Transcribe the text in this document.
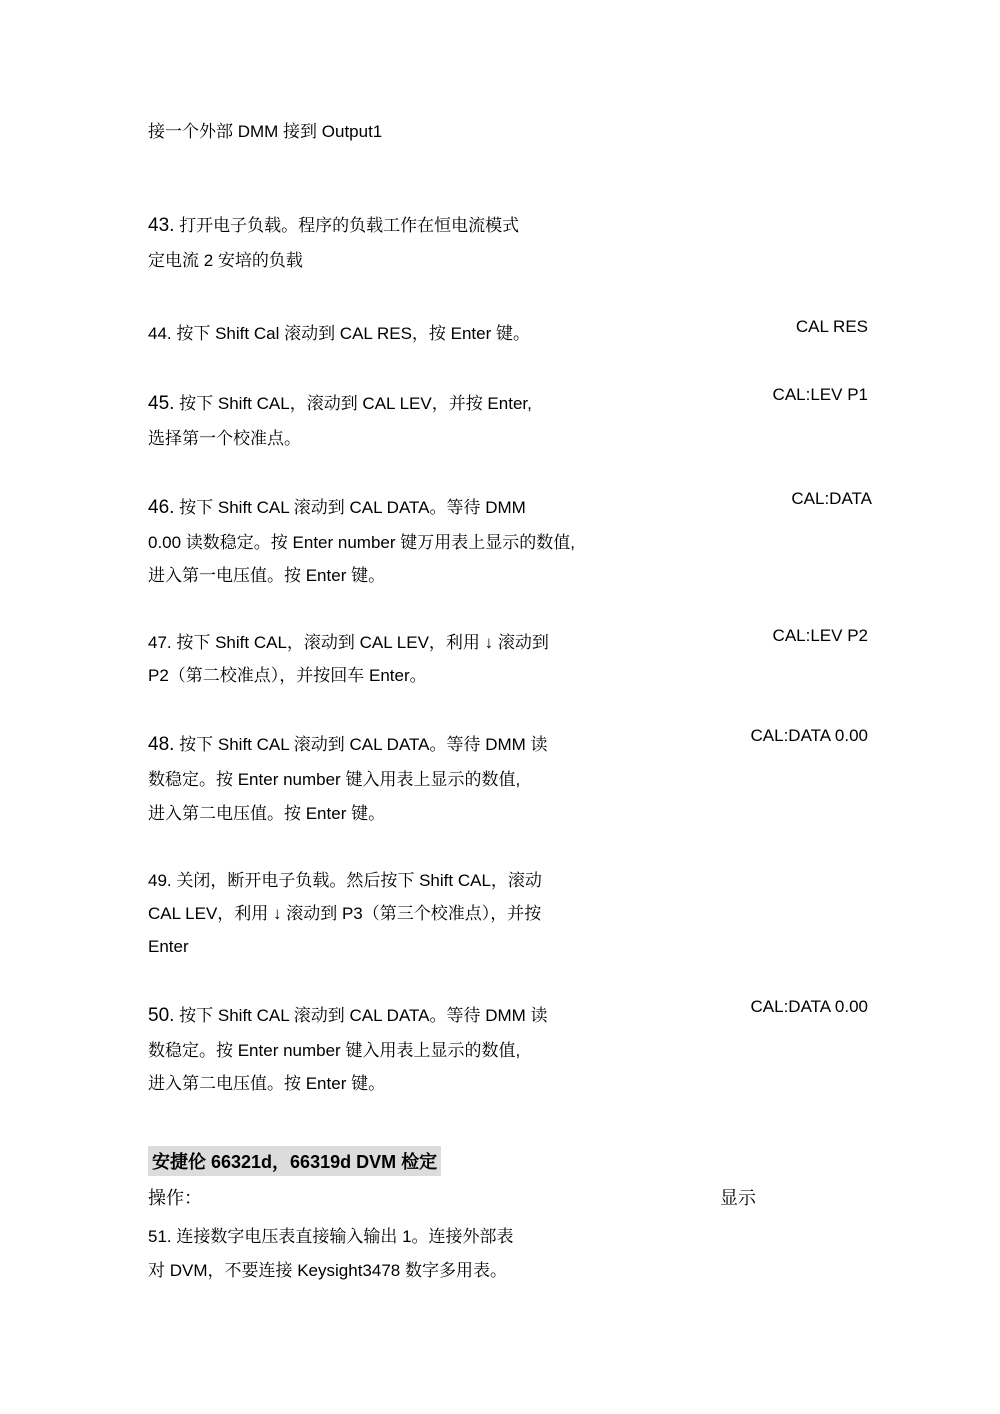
接一个外部 DMM 接到 Output1
43. 打开电子负载。程序的负载工作在恒电流模式
定电流 2 安培的负载
44. 按下 Shift Cal 滚动到 CAL RES，按 Enter 键。	CAL RES
45. 按下 Shift CAL，滚动到 CAL LEV，并按 Enter,
选择第一个校准点。
CAL:LEV P1
46. 按下 Shift CAL 滚动到 CAL DATA。等待 DMM
0.00 读数稳定。按 Enter number 键万用表上显示的数值,
进入第一电压值。按 Enter 键。
CAL:DATA
47. 按下 Shift CAL，滚动到 CAL LEV，利用 ↓ 滚动到
P2（第二校准点），并按回车 Enter。
CAL:LEV P2
48. 按下 Shift CAL 滚动到 CAL DATA。等待 DMM 读
数稳定。按 Enter number 键入用表上显示的数值,
进入第二电压值。按 Enter 键。
CAL:DATA 0.00
49. 关闭，断开电子负载。然后按下 Shift CAL，滚动
CAL LEV，利用 ↓ 滚动到 P3（第三个校准点），并按
Enter
50. 按下 Shift CAL 滚动到 CAL DATA。等待 DMM 读
数稳定。按 Enter number 键入用表上显示的数值,
进入第二电压值。按 Enter 键。
CAL:DATA 0.00
安捷伦 66321d，66319d DVM 检定
操作：	显示
51. 连接数字电压表直接输入输出 1。连接外部表
对 DVM，不要连接 Keysight3478 数字多用表。
